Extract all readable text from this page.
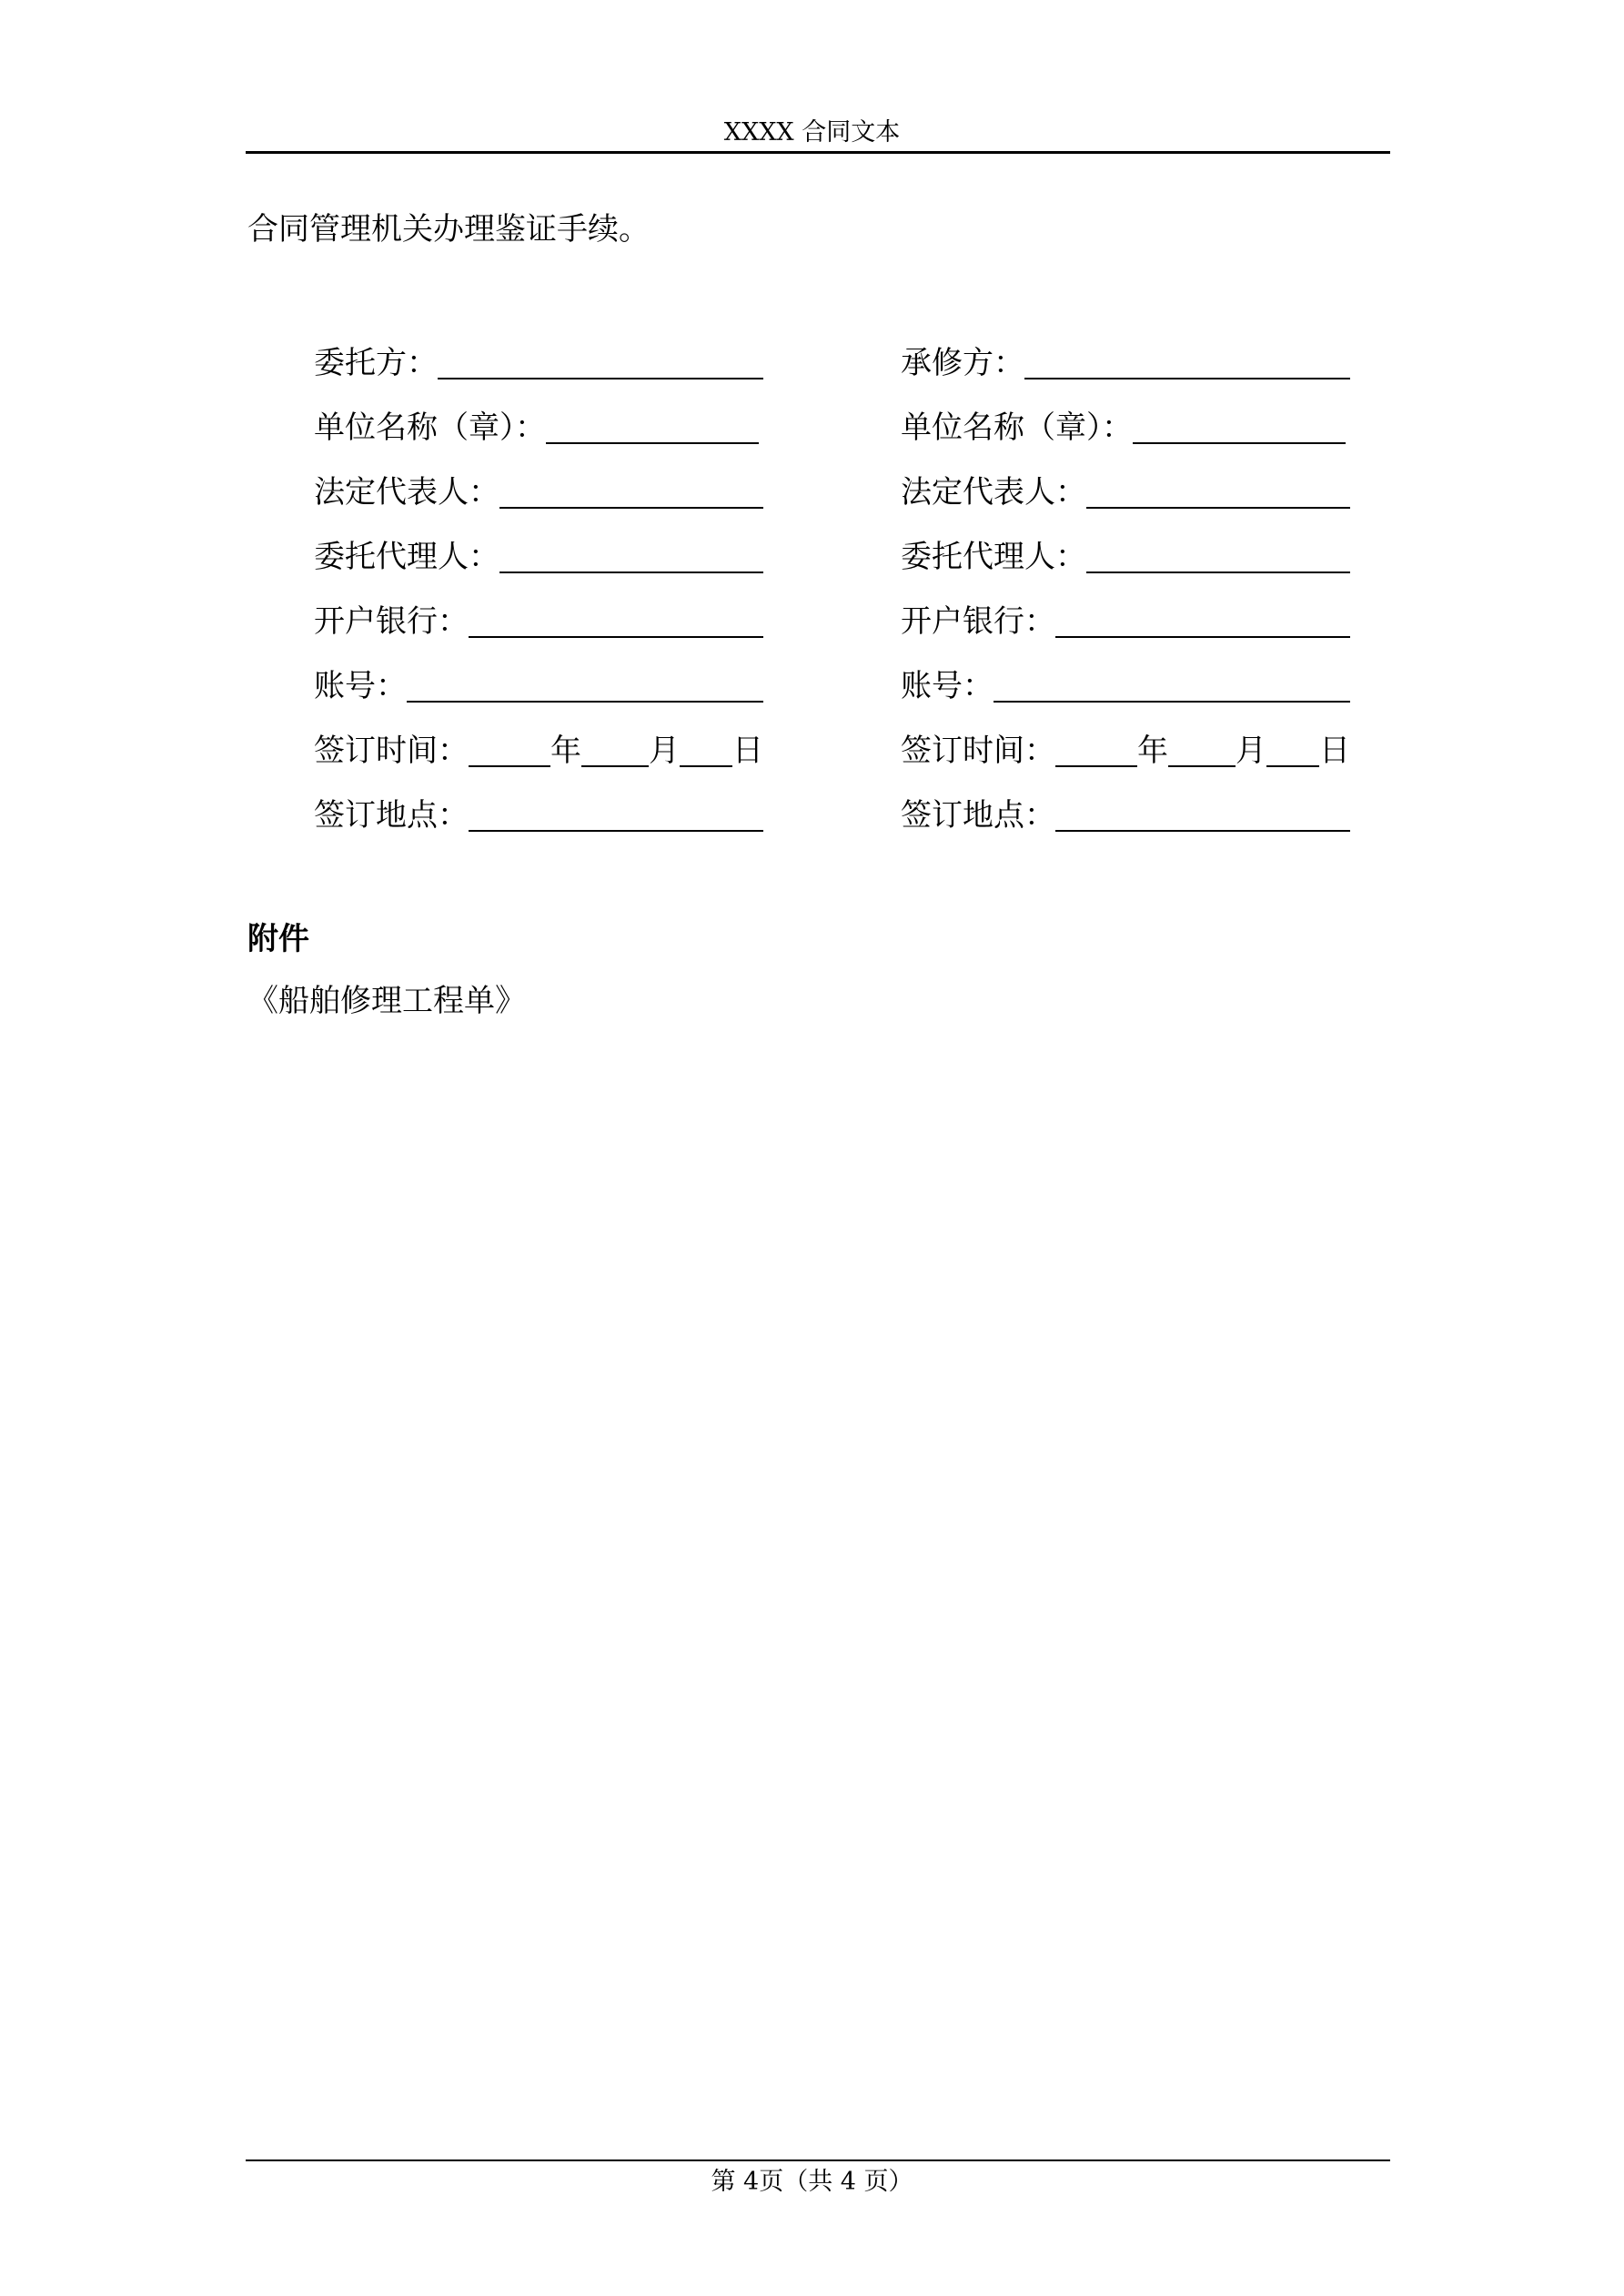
XXXX 合同文本
合同管理机关办理鉴证手续。
委托方：
单位名称（章）：
法定代表人：
委托代理人：
开户银行：
账号：
签订时间：	年 月 日
签订地点：
承修方：
单位名称（章）：
法定代表人：
委托代理人：
开户银行：
账号：
签订时间：	年 月 日
签订地点：
附件
《船舶修理工程单》
第 4页（共 4 页）
